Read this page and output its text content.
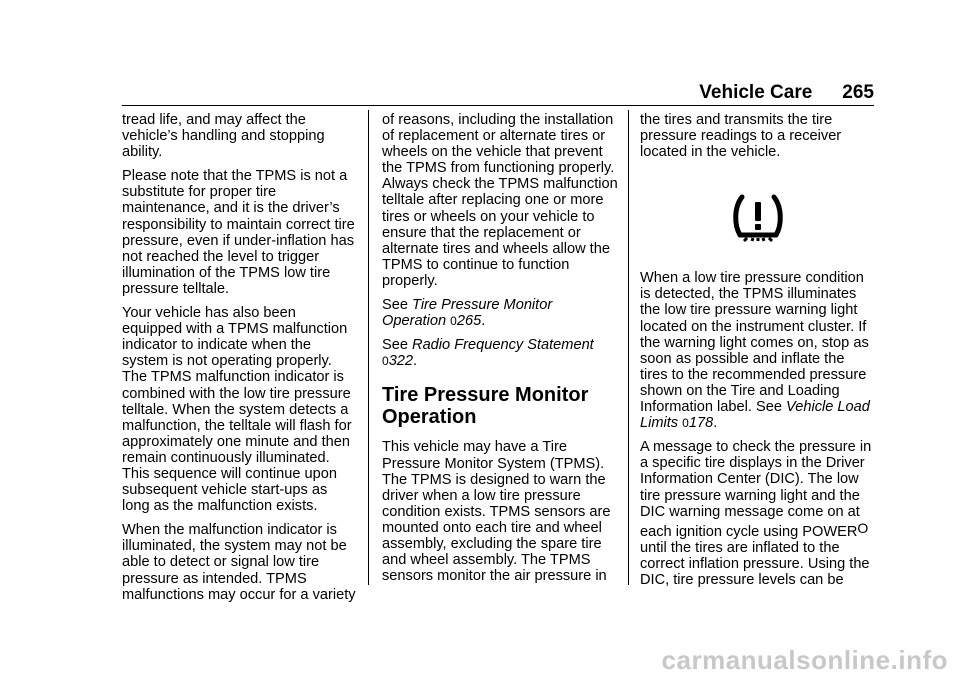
Vehicle Care 265

tread life, and may affect the vehicle’s handling and stopping ability.

Please note that the TPMS is not a substitute for proper tire maintenance, and it is the driver’s responsibility to maintain correct tire pressure, even if under-inflation has not reached the level to trigger illumination of the TPMS low tire pressure telltale.

Your vehicle has also been equipped with a TPMS malfunction indicator to indicate when the system is not operating properly. The TPMS malfunction indicator is combined with the low tire pressure telltale. When the system detects a malfunction, the telltale will flash for approximately one minute and then remain continuously illuminated. This sequence will continue upon subsequent vehicle start-ups as long as the malfunction exists.

When the malfunction indicator is illuminated, the system may not be able to detect or signal low tire pressure as intended. TPMS malfunctions may occur for a variety

of reasons, including the installation of replacement or alternate tires or wheels on the vehicle that prevent the TPMS from functioning properly. Always check the TPMS malfunction telltale after replacing one or more tires or wheels on your vehicle to ensure that the replacement or alternate tires and wheels allow the TPMS to continue to function properly.

See Tire Pressure Monitor Operation 0265.

See Radio Frequency Statement
0322.

Tire Pressure Monitor Operation

This vehicle may have a Tire Pressure Monitor System (TPMS). The TPMS is designed to warn the driver when a low tire pressure condition exists. TPMS sensors are mounted onto each tire and wheel assembly, excluding the spare tire and wheel assembly. The TPMS sensors monitor the air pressure in

the tires and transmits the tire pressure readings to a receiver located in the vehicle.

When a low tire pressure condition is detected, the TPMS illuminates the low tire pressure warning light located on the instrument cluster. If the warning light comes on, stop as soon as possible and inflate the tires to the recommended pressure shown on the Tire and Loading Information label. See Vehicle Load Limits 0178.

A message to check the pressure in a specific tire displays in the Driver Information Center (DIC). The low tire pressure warning light and the DIC warning message come on at each ignition cycle using POWERO until the tires are inflated to the correct inflation pressure. Using the DIC, tire pressure levels can be

carmanualsonline.info
